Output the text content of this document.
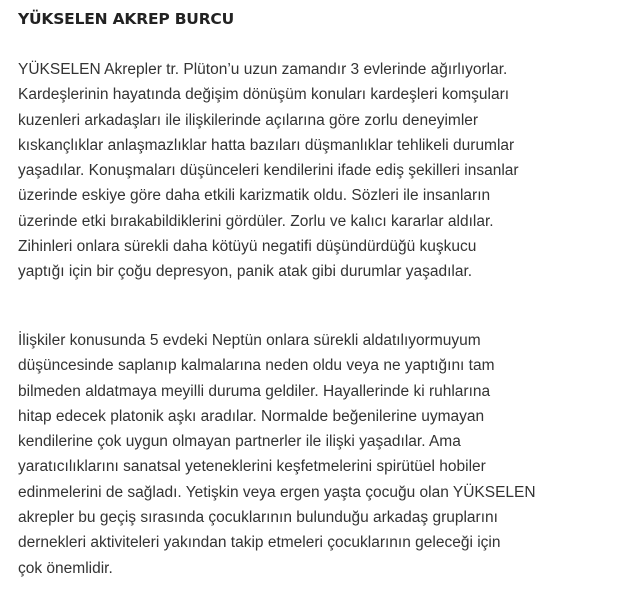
YÜKSELEN AKREP BURCU

YÜKSELEN Akrepler tr. Plüton’u uzun zamandır 3 evlerinde ağırlıyorlar.
Kardeşlerinin hayatında değişim dönüşüm konuları kardeşleri komşuları
kuzenleri arkadaşları ile ilişkilerinde açılarına göre zorlu deneyimler
kıskançlıklar anlaşmazlıklar hatta bazıları düşmanlıklar tehlikeli durumlar
yaşadılar. Konuşmaları düşünceleri kendilerini ifade ediş şekilleri insanlar
üzerinde eskiye göre daha etkili karizmatik oldu. Sözleri ile insanların
üzerinde etki bırakabildiklerini gördüler. Zorlu ve kalıcı kararlar aldılar.
Zihinleri onlara sürekli daha kötüyü negatifi düşündürdüğü kuşkucu
yaptığı için bir çoğu depresyon, panik atak gibi durumlar yaşadılar.

İlişkiler konusunda 5 evdeki Neptün onlara sürekli aldatılıyormuyum
düşüncesinde saplanıp kalmalarına neden oldu veya ne yaptığını tam
bilmeden aldatmaya meyilli duruma geldiler. Hayallerinde ki ruhlarına
hitap edecek platonik aşkı aradılar. Normalde beğenilerine uymayan
kendilerine çok uygun olmayan partnerler ile ilişki yaşadılar. Ama
yaratıcılıklarını sanatsal yeteneklerini keşfetmelerini spirütüel hobiler
edinmelerini de sağladı. Yetişkin veya ergen yaşta çocuğu olan YÜKSELEN
akrepler bu geçiş sırasında çocuklarının bulunduğu arkadaş gruplarını
dernekleri aktiviteleri yakından takip etmeleri çocuklarının geleceği için
çok önemlidir.
